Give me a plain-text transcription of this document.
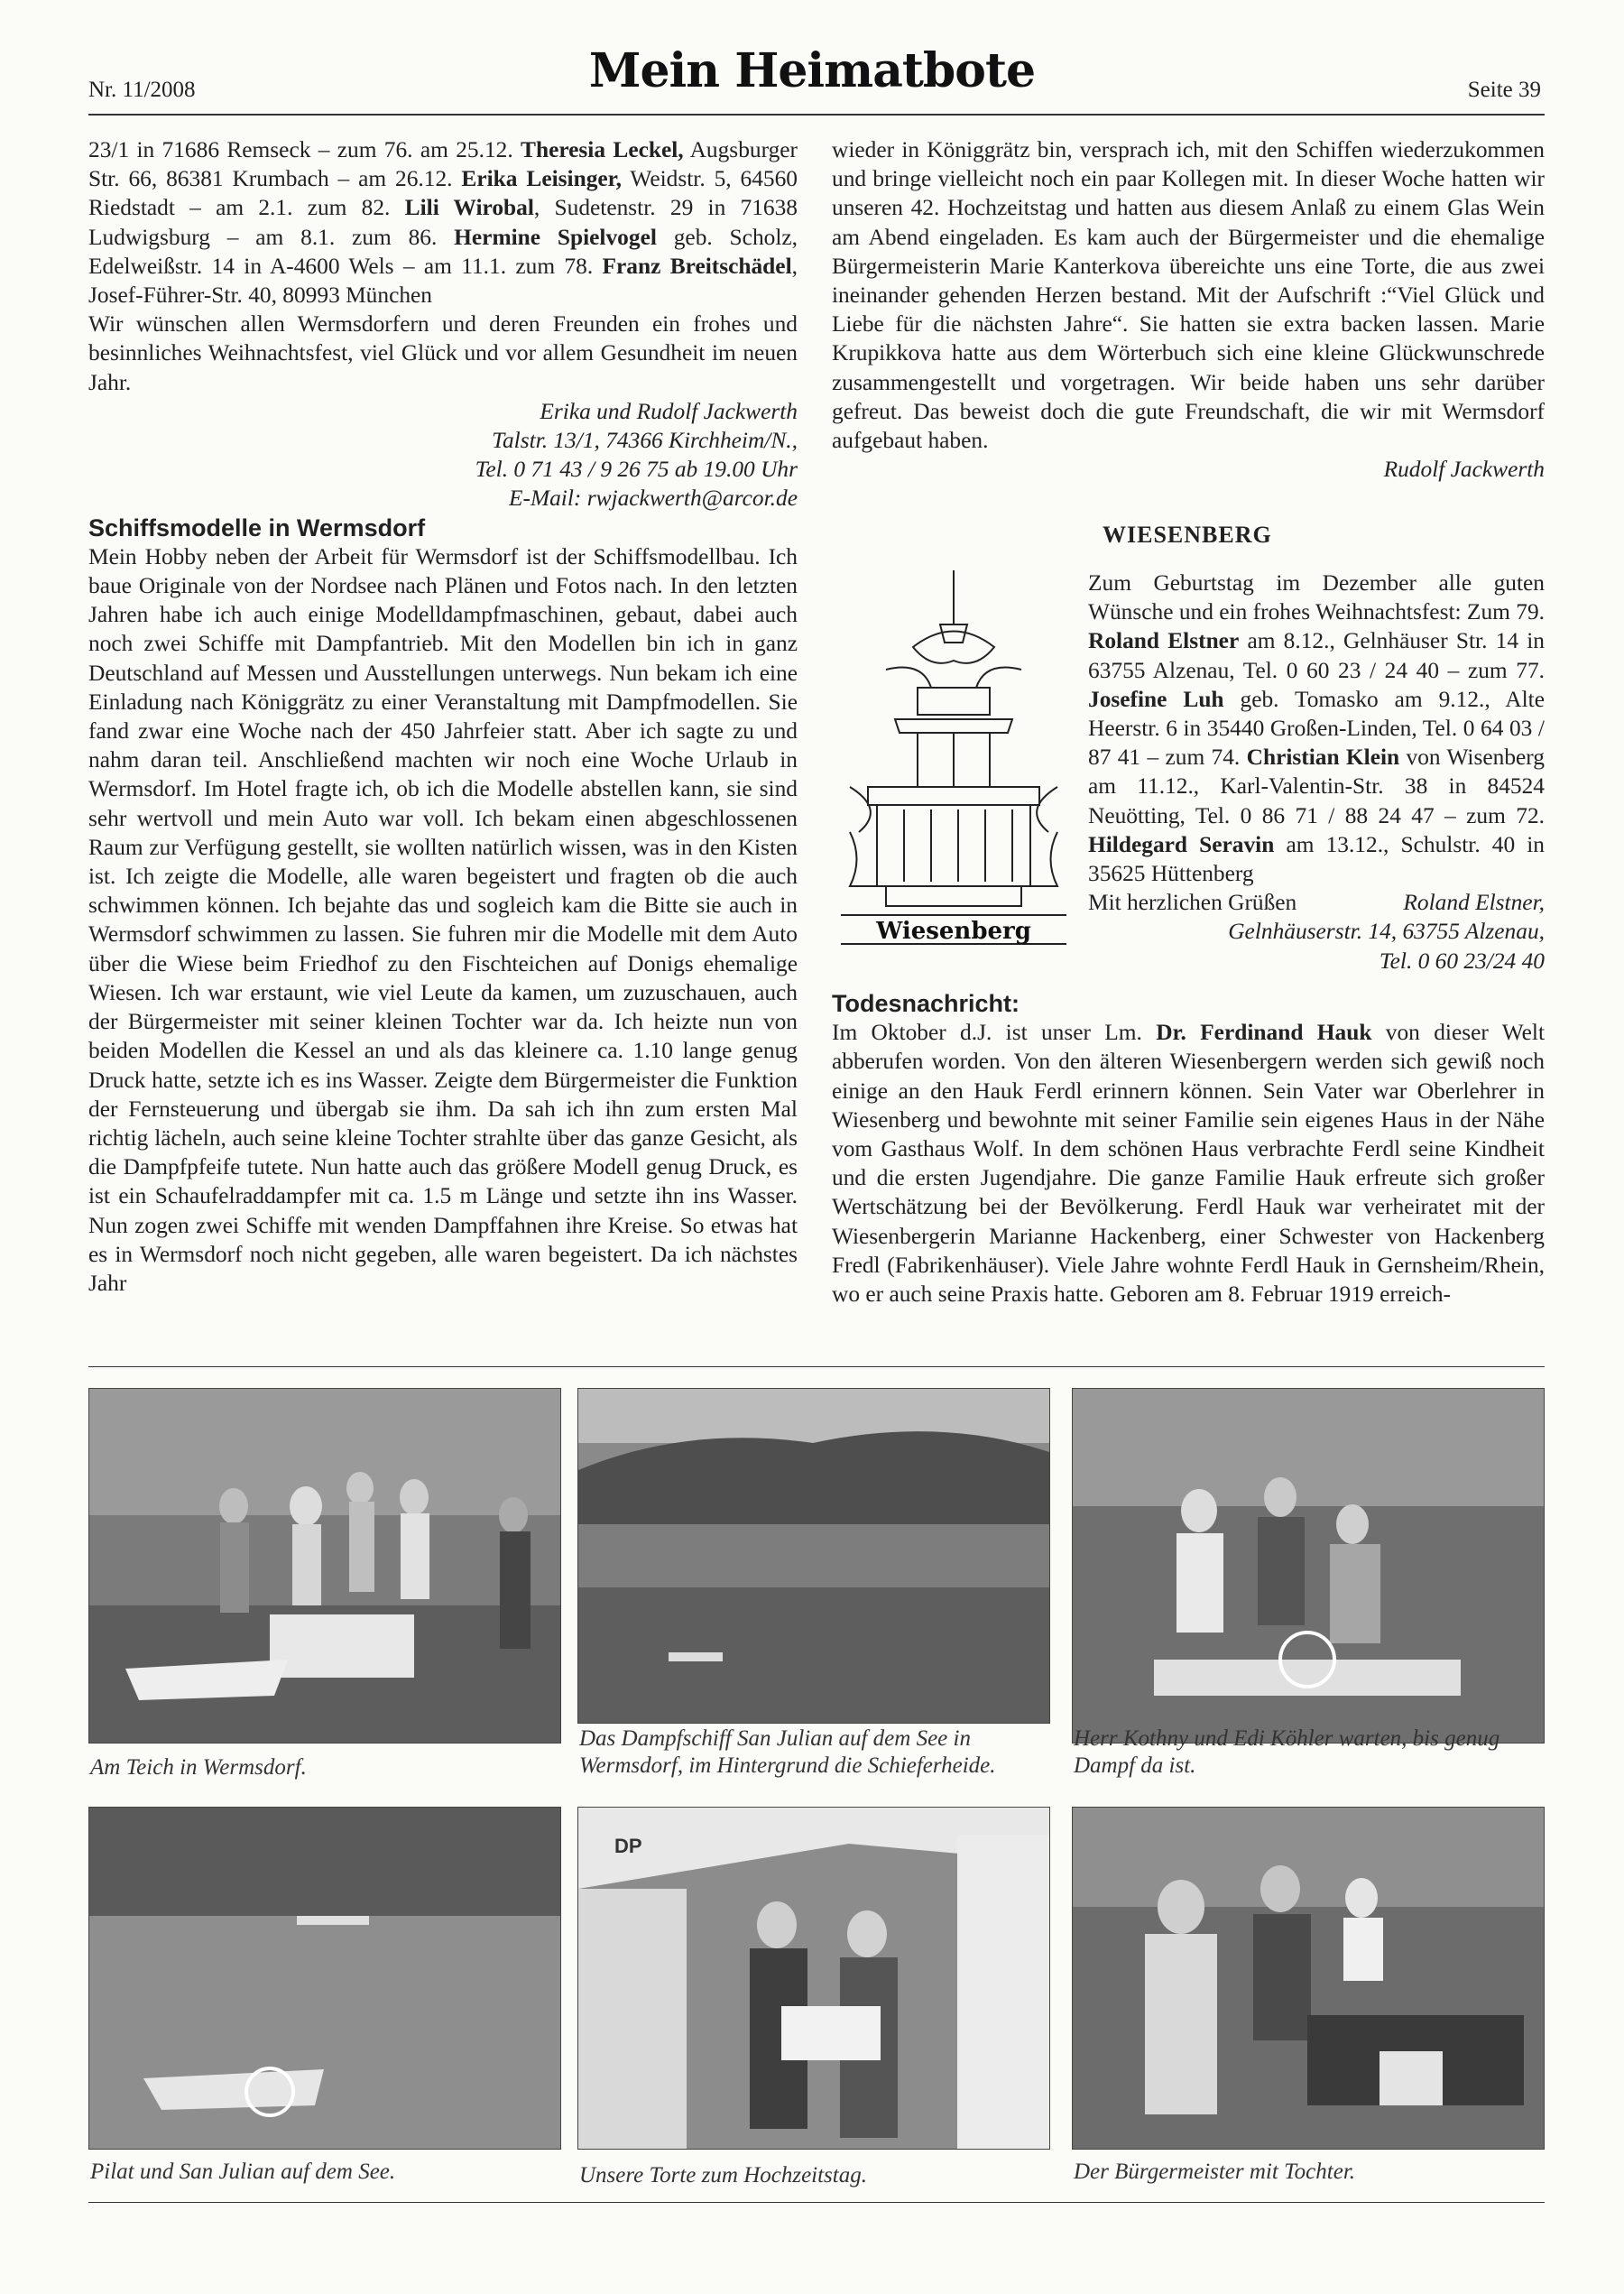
Nr. 11/2008	Mein Heimatbote	Seite 39

23/1 in 71686 Remseck – zum 76. am 25.12. Theresia Leckel, Augsburger Str. 66, 86381 Krumbach – am 26.12. Erika Leisinger, Weidstr. 5, 64560 Riedstadt – am 2.1. zum 82. Lili Wirobal, Sudetenstr. 29 in 71638 Ludwigsburg – am 8.1. zum 86. Hermine Spielvogel geb. Scholz, Edelweißstr. 14 in A-4600 Wels – am 11.1. zum 78. Franz Breitschädel, Josef-Führer-Str. 40, 80993 München

Wir wünschen allen Wermsdorfern und deren Freunden ein frohes und besinnliches Weihnachtsfest, viel Glück und vor allem Gesundheit im neuen Jahr.

Erika und Rudolf Jackwerth

Talstr. 13/1, 74366 Kirchheim/N.,

Tel. 0 71 43 / 9 26 75 ab 19.00 Uhr

E-Mail: rwjackwerth@arcor.de

Schiffsmodelle in Wermsdorf

Mein Hobby neben der Arbeit für Wermsdorf ist der Schiffsmodellbau. Ich baue Originale von der Nordsee nach Plänen und Fotos nach. In den letzten Jahren habe ich auch einige Modelldampfmaschinen, gebaut, dabei auch noch zwei Schiffe mit Dampfantrieb. Mit den Modellen bin ich in ganz Deutschland auf Messen und Ausstellungen unterwegs. Nun bekam ich eine Einladung nach Königgrätz zu einer Veranstaltung mit Dampfmodellen. Sie fand zwar eine Woche nach der 450 Jahrfeier statt. Aber ich sagte zu und nahm daran teil. Anschließend machten wir noch eine Woche Urlaub in Wermsdorf. Im Hotel fragte ich, ob ich die Modelle abstellen kann, sie sind sehr wertvoll und mein Auto war voll. Ich bekam einen abgeschlossenen Raum zur Verfügung gestellt, sie wollten natürlich wissen, was in den Kisten ist. Ich zeigte die Modelle, alle waren begeistert und fragten ob die auch schwimmen können. Ich bejahte das und sogleich kam die Bitte sie auch in Wermsdorf schwimmen zu lassen. Sie fuhren mir die Modelle mit dem Auto über die Wiese beim Friedhof zu den Fischteichen auf Donigs ehemalige Wiesen. Ich war erstaunt, wie viel Leute da kamen, um zuzuschauen, auch der Bürgermeister mit seiner kleinen Tochter war da. Ich heizte nun von beiden Modellen die Kessel an und als das kleinere ca. 1.10 lange genug Druck hatte, setzte ich es ins Wasser. Zeigte dem Bürgermeister die Funktion der Fernsteuerung und übergab sie ihm. Da sah ich ihn zum ersten Mal richtig lächeln, auch seine kleine Tochter strahlte über das ganze Gesicht, als die Dampfpfeife tutete. Nun hatte auch das größere Modell genug Druck, es ist ein Schaufelraddampfer mit ca. 1.5 m Länge und setzte ihn ins Wasser. Nun zogen zwei Schiffe mit wenden Dampffahnen ihre Kreise. So etwas hat es in Wermsdorf noch nicht gegeben, alle waren begeistert. Da ich nächstes Jahr

wieder in Königgrätz bin, versprach ich, mit den Schiffen wiederzukommen und bringe vielleicht noch ein paar Kollegen mit. In dieser Woche hatten wir unseren 42. Hochzeitstag und hatten aus diesem Anlaß zu einem Glas Wein am Abend eingeladen. Es kam auch der Bürgermeister und die ehemalige Bürgermeisterin Marie Kanterkova übereichte uns eine Torte, die aus zwei ineinander gehenden Herzen bestand. Mit der Aufschrift :“Viel Glück und Liebe für die nächsten Jahre“. Sie hatten sie extra backen lassen. Marie Krupikkova hatte aus dem Wörterbuch sich eine kleine Glückwunschrede zusammengestellt und vorgetragen. Wir beide haben uns sehr darüber gefreut. Das beweist doch die gute Freundschaft, die wir mit Wermsdorf aufgebaut haben.

Rudolf Jackwerth

WIESENBERG
Wiesenberg

Zum Geburtstag im Dezember alle guten Wünsche und ein frohes Weihnachtsfest: Zum 79. Roland Elstner am 8.12., Gelnhäuser Str. 14 in 63755 Alzenau, Tel. 0 60 23 / 24 40 – zum 77. Josefine Luh geb. Tomasko am 9.12., Alte Heerstr. 6 in 35440 Großen-Linden, Tel. 0 64 03 / 87 41 – zum 74. Christian Klein von Wisenberg am 11.12., Karl-Valentin-Str. 38 in 84524 Neuötting, Tel. 0 86 71 / 88 24 47 – zum 72. Hildegard Seravin am 13.12., Schulstr. 40 in 35625 Hüttenberg

Mit herzlichen Grüßen	Roland Elstner,

Gelnhäuserstr. 14, 63755 Alzenau,

Tel. 0 60 23/24 40

Todesnachricht:

Im Oktober d.J. ist unser Lm. Dr. Ferdinand Hauk von dieser Welt abberufen worden. Von den älteren Wiesenbergern werden sich gewiß noch einige an den Hauk Ferdl erinnern können. Sein Vater war Oberlehrer in Wiesenberg und bewohnte mit seiner Familie sein eigenes Haus in der Nähe vom Gasthaus Wolf. In dem schönen Haus verbrachte Ferdl seine Kindheit und die ersten Jugendjahre. Die ganze Familie Hauk erfreute sich großer Wertschätzung bei der Bevölkerung. Ferdl Hauk war verheiratet mit der Wiesenbergerin Marianne Hackenberg, einer Schwester von Hackenberg Fredl (Fabrikenhäuser). Viele Jahre wohnte Ferdl Hauk in Gernsheim/Rhein, wo er auch seine Praxis hatte. Geboren am 8. Februar 1919 erreich-

Am Teich in Wermsdorf.
Das Dampfschiff San Julian auf dem See in Wermsdorf, im Hintergrund die Schieferheide.
Herr Kothny und Edi Köhler warten, bis genug Dampf da ist.
DP
Pilat und San Julian auf dem See.	Unsere Torte zum Hochzeitstag.	Der Bürgermeister mit Tochter.
